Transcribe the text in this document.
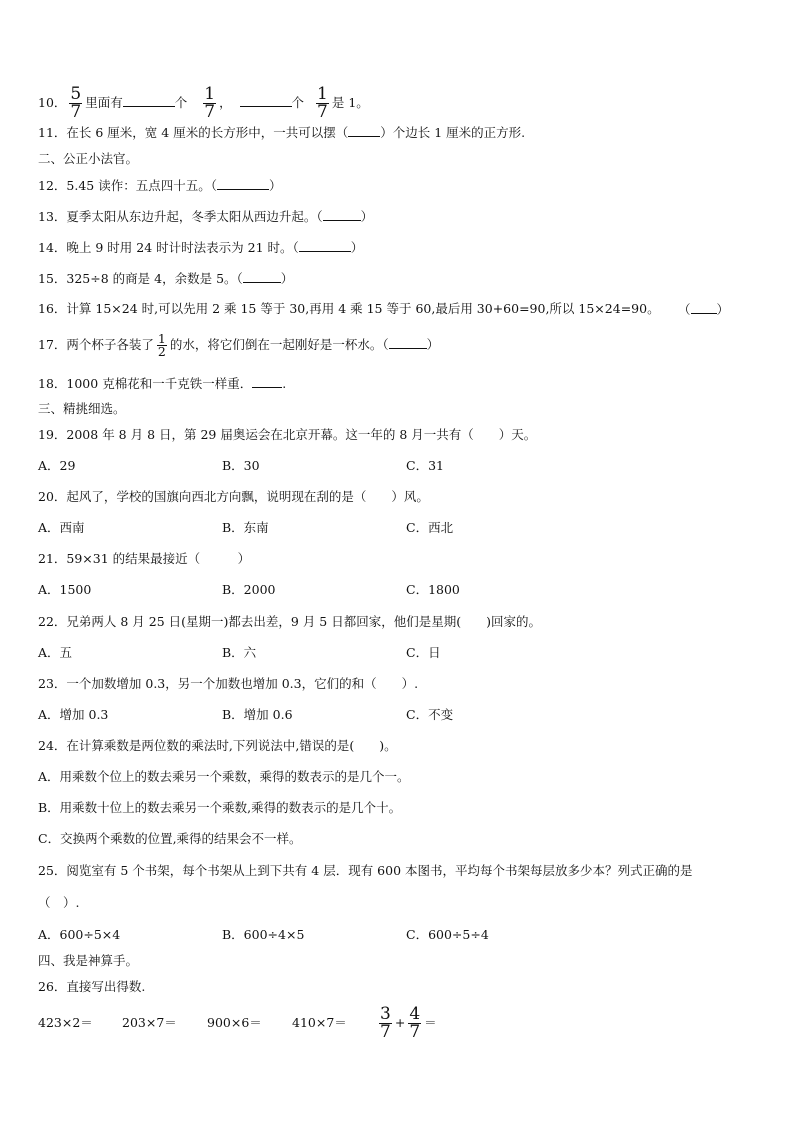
10． $\frac{5}{7}$ 里面有	个 $\frac{1}{7}$ ，	个 $\frac{1}{7}$ 是 1。
11．在长 6 厘米，宽 4 厘米的长方形中，一共可以摆（	）个边长 1 厘米的正方形.
二、公正小法官。
12．5.45 读作：五点四十五。（	）
13．夏季太阳从东边升起，冬季太阳从西边升起。（	）
14．晚上 9 时用 24 时计时法表示为 21 时。（	）
15．325÷8 的商是 4，余数是 5。（	）
16．计算 15×24 时,可以先用 2 乘 15 等于 30,再用 4 乘 15 等于 60,最后用 30+60=90,所以 15×24=90。 （ ）
17．两个杯子各装了 $\frac{1}{2}$ 的水，将它们倒在一起刚好是一杯水。（	）
18．1000 克棉花和一千克铁一样重． .
三、精挑细选。
19．2008 年 8 月 8 日，第 29 届奥运会在北京开幕。这一年的 8 月一共有（　　）天。
A．29	B．30	C．31
20．起风了，学校的国旗向西北方向飘，说明现在刮的是（　　）风。
A．西南	B．东南	C．西北
21．59×31 的结果最接近（　　　）
A．1500	B．2000	C．1800
22．兄弟两人 8 月 25 日(星期一)都去出差，9 月 5 日都回家，他们是星期(　　)回家的。
A．五	B．六	C．日
23．一个加数增加 0.3，另一个加数也增加 0.3，它们的和（　　）.
A．增加 0.3	B．增加 0.6	C．不变
24．在计算乘数是两位数的乘法时,下列说法中,错误的是(　　)。
A．用乘数个位上的数去乘另一个乘数，乘得的数表示的是几个一。
B．用乘数十位上的数去乘另一个乘数,乘得的数表示的是几个十。
C．交换两个乘数的位置,乘得的结果会不一样。
25．阅览室有 5 个书架，每个书架从上到下共有 4 层．现有 600 本图书，平均每个书架每层放多少本？列式正确的是
（　）.
A．600÷5×4	B．600÷4×5	C．600÷5÷4
四、我是神算手。
26．直接写出得数.
$423\times 2= 203\times 7= 900\times 6= 410\times 7= \frac{3}{7} + \frac{4}{7}$ ＝
